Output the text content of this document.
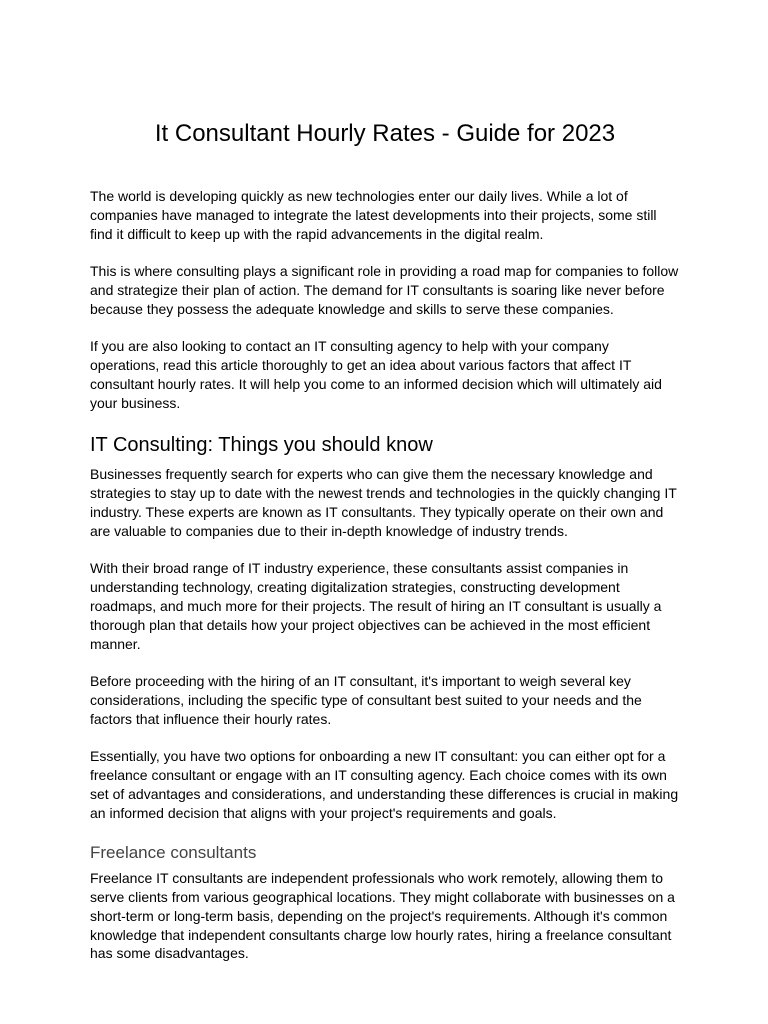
It Consultant Hourly Rates - Guide for 2023

The world is developing quickly as new technologies enter our daily lives. While a lot of companies have managed to integrate the latest developments into their projects, some still find it difficult to keep up with the rapid advancements in the digital realm.

This is where consulting plays a significant role in providing a road map for companies to follow and strategize their plan of action. The demand for IT consultants is soaring like never before because they possess the adequate knowledge and skills to serve these companies.

If you are also looking to contact an IT consulting agency to help with your company operations, read this article thoroughly to get an idea about various factors that affect IT consultant hourly rates. It will help you come to an informed decision which will ultimately aid your business.

IT Consulting: Things you should know

Businesses frequently search for experts who can give them the necessary knowledge and strategies to stay up to date with the newest trends and technologies in the quickly changing IT industry. These experts are known as IT consultants. They typically operate on their own and are valuable to companies due to their in-depth knowledge of industry trends.

With their broad range of IT industry experience, these consultants assist companies in understanding technology, creating digitalization strategies, constructing development roadmaps, and much more for their projects. The result of hiring an IT consultant is usually a thorough plan that details how your project objectives can be achieved in the most efficient manner.

Before proceeding with the hiring of an IT consultant, it's important to weigh several key considerations, including the specific type of consultant best suited to your needs and the factors that influence their hourly rates.

Essentially, you have two options for onboarding a new IT consultant: you can either opt for a freelance consultant or engage with an IT consulting agency. Each choice comes with its own set of advantages and considerations, and understanding these differences is crucial in making an informed decision that aligns with your project's requirements and goals.

Freelance consultants

Freelance IT consultants are independent professionals who work remotely, allowing them to serve clients from various geographical locations. They might collaborate with businesses on a short-term or long-term basis, depending on the project's requirements. Although it's common knowledge that independent consultants charge low hourly rates, hiring a freelance consultant has some disadvantages.
